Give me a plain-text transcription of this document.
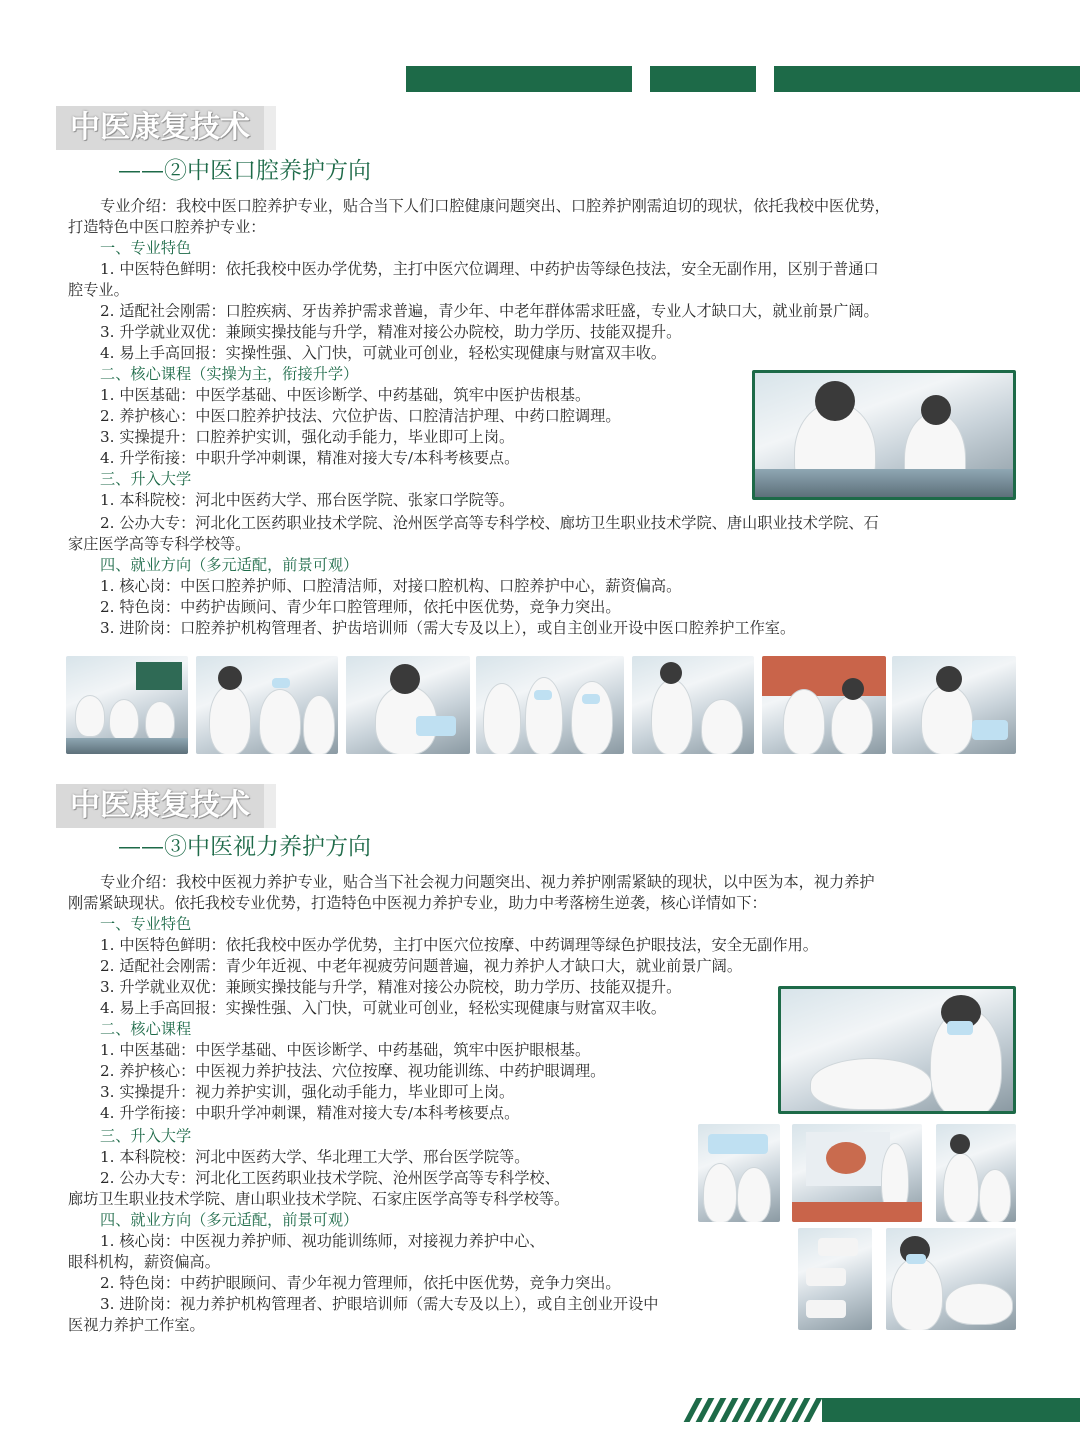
中医康复技术
——②中医口腔养护方向
专业介绍：我校中医口腔养护专业，贴合当下人们口腔健康问题突出、口腔养护刚需迫切的现状，依托我校中医优势，
打造特色中医口腔养护专业：
一、专业特色
1. 中医特色鲜明：依托我校中医办学优势，主打中医穴位调理、中药护齿等绿色技法，安全无副作用，区别于普通口
腔专业。
2. 适配社会刚需：口腔疾病、牙齿养护需求普遍，青少年、中老年群体需求旺盛，专业人才缺口大，就业前景广阔。
3. 升学就业双优：兼顾实操技能与升学，精准对接公办院校，助力学历、技能双提升。
4. 易上手高回报：实操性强、入门快，可就业可创业，轻松实现健康与财富双丰收。
二、核心课程（实操为主，衔接升学）
1. 中医基础：中医学基础、中医诊断学、中药基础，筑牢中医护齿根基。
2. 养护核心：中医口腔养护技法、穴位护齿、口腔清洁护理、中药口腔调理。
3. 实操提升：口腔养护实训，强化动手能力，毕业即可上岗。
4. 升学衔接：中职升学冲刺课，精准对接大专/本科考核要点。
三、升入大学
1. 本科院校：河北中医药大学、邢台医学院、张家口学院等。
2. 公办大专：河北化工医药职业技术学院、沧州医学高等专科学校、廊坊卫生职业技术学院、唐山职业技术学院、石
家庄医学高等专科学校等。
四、就业方向（多元适配，前景可观）
1. 核心岗：中医口腔养护师、口腔清洁师，对接口腔机构、口腔养护中心，薪资偏高。
2. 特色岗：中药护齿顾问、青少年口腔管理师，依托中医优势，竞争力突出。
3. 进阶岗：口腔养护机构管理者、护齿培训师（需大专及以上），或自主创业开设中医口腔养护工作室。
中医康复技术
——③中医视力养护方向
专业介绍：我校中医视力养护专业，贴合当下社会视力问题突出、视力养护刚需紧缺的现状，以中医为本，视力养护
刚需紧缺现状。依托我校专业优势，打造特色中医视力养护专业，助力中考落榜生逆袭，核心详情如下：
一、专业特色
1. 中医特色鲜明：依托我校中医办学优势，主打中医穴位按摩、中药调理等绿色护眼技法，安全无副作用。
2. 适配社会刚需：青少年近视、中老年视疲劳问题普遍，视力养护人才缺口大，就业前景广阔。
3. 升学就业双优：兼顾实操技能与升学，精准对接公办院校，助力学历、技能双提升。
4. 易上手高回报：实操性强、入门快，可就业可创业，轻松实现健康与财富双丰收。
二、核心课程
1. 中医基础：中医学基础、中医诊断学、中药基础，筑牢中医护眼根基。
2. 养护核心：中医视力养护技法、穴位按摩、视功能训练、中药护眼调理。
3. 实操提升：视力养护实训，强化动手能力，毕业即可上岗。
4. 升学衔接：中职升学冲刺课，精准对接大专/本科考核要点。
三、升入大学
1. 本科院校：河北中医药大学、华北理工大学、邢台医学院等。
2. 公办大专：河北化工医药职业技术学院、沧州医学高等专科学校、
廊坊卫生职业技术学院、唐山职业技术学院、石家庄医学高等专科学校等。
四、就业方向（多元适配，前景可观）
1. 核心岗：中医视力养护师、视功能训练师，对接视力养护中心、
眼科机构，薪资偏高。
2. 特色岗：中药护眼顾问、青少年视力管理师，依托中医优势，竞争力突出。
3. 进阶岗：视力养护机构管理者、护眼培训师（需大专及以上），或自主创业开设中
医视力养护工作室。
